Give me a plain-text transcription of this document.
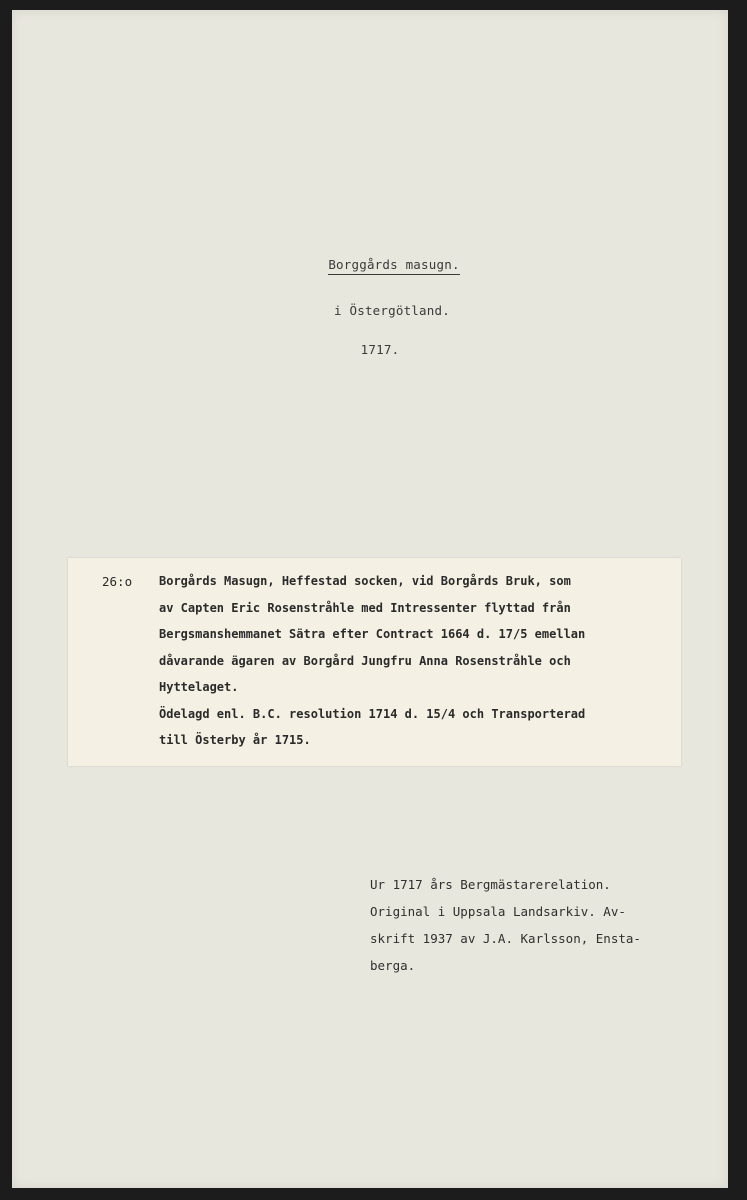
Borggårds masugn.
i Östergötland.
1717.
26:o Borgårds Masugn, Heffestad socken, vid Borgårds Bruk, som
av Capten Eric Rosenstråhle med Intressenter flyttad från
Bergsmanshemmanet Sätra efter Contract 1664 d. 17/5 emellan
dåvarande ägaren av Borgård Jungfru Anna Rosenstråhle och
Hyttelaget.
Ödelagd enl. B.C. resolution 1714 d. 15/4 och Transporterad
till Österby år 1715.
Ur 1717 års Bergmästarerelation.
Original i Uppsala Landsarkiv. Av-
skrift 1937 av J.A. Karlsson, Ensta-
berga.
